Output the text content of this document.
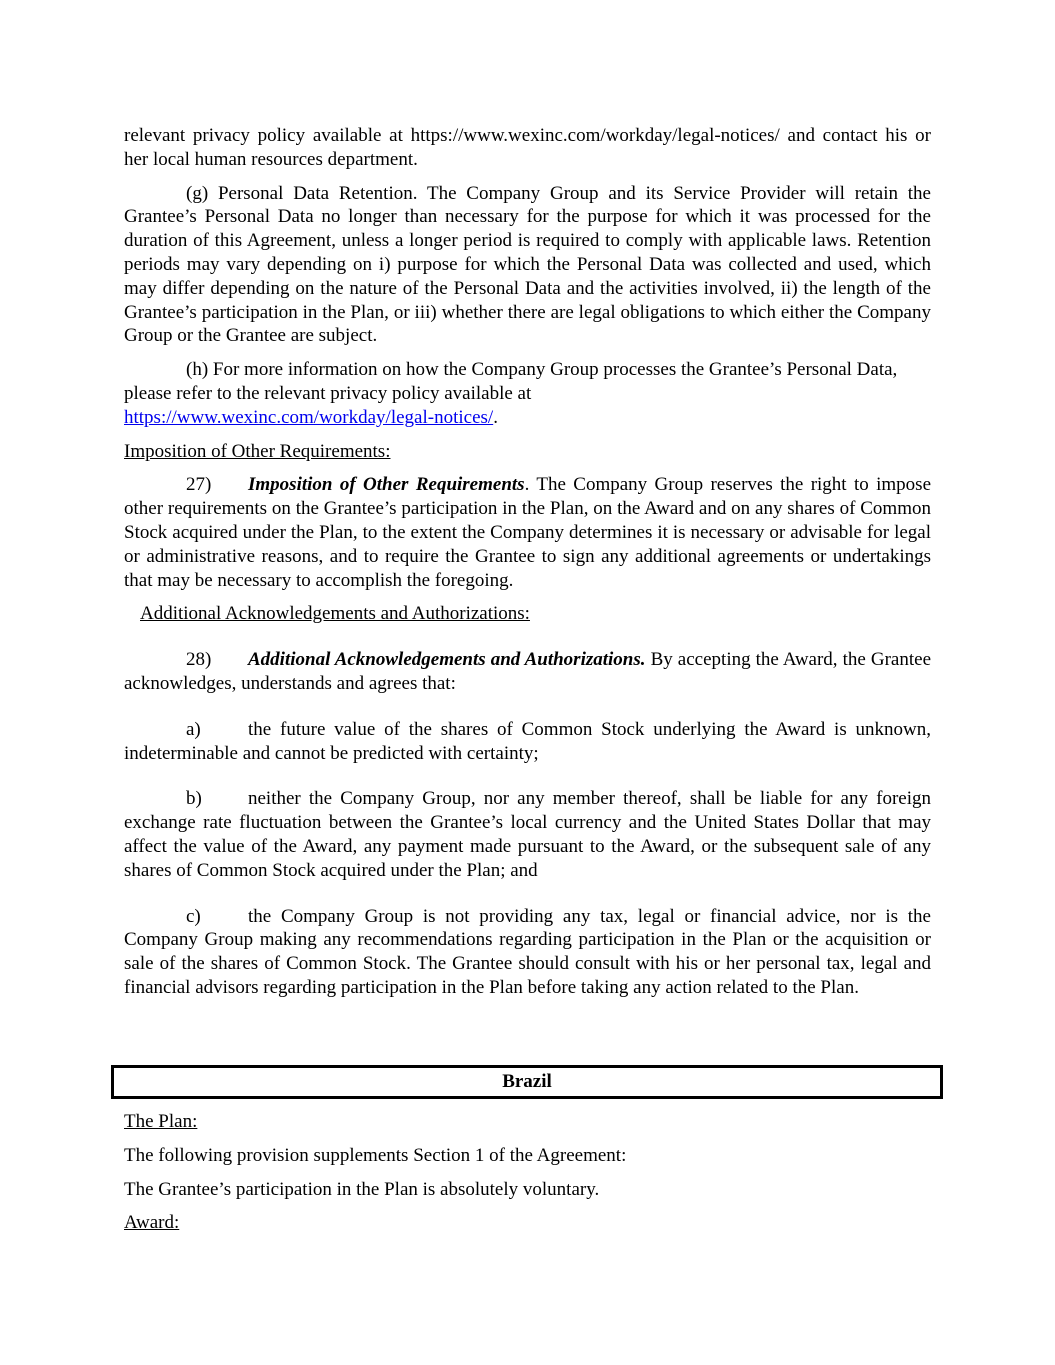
relevant privacy policy available at https://www.wexinc.com/workday/legal-notices/ and contact his or her local human resources department.

(g) Personal Data Retention. The Company Group and its Service Provider will retain the Grantee’s Personal Data no longer than necessary for the purpose for which it was processed for the duration of this Agreement, unless a longer period is required to comply with applicable laws. Retention periods may vary depending on i) purpose for which the Personal Data was collected and used, which may differ depending on the nature of the Personal Data and the activities involved, ii) the length of the Grantee’s participation in the Plan, or iii) whether there are legal obligations to which either the Company Group or the Grantee are subject.

(h) For more information on how the Company Group processes the Grantee’s Personal Data, please refer to the relevant privacy policy available at
https://www.wexinc.com/workday/legal-notices/.

Imposition of Other Requirements:

27) Imposition of Other Requirements. The Company Group reserves the right to impose other requirements on the Grantee’s participation in the Plan, on the Award and on any shares of Common Stock acquired under the Plan, to the extent the Company determines it is necessary or advisable for legal or administrative reasons, and to require the Grantee to sign any additional agreements or undertakings that may be necessary to accomplish the foregoing.

Additional Acknowledgements and Authorizations:

28) Additional Acknowledgements and Authorizations. By accepting the Award, the Grantee acknowledges, understands and agrees that:

a) the future value of the shares of Common Stock underlying the Award is unknown, indeterminable and cannot be predicted with certainty;

b) neither the Company Group, nor any member thereof, shall be liable for any foreign exchange rate fluctuation between the Grantee’s local currency and the United States Dollar that may affect the value of the Award, any payment made pursuant to the Award, or the subsequent sale of any shares of Common Stock acquired under the Plan; and

c) the Company Group is not providing any tax, legal or financial advice, nor is the Company Group making any recommendations regarding participation in the Plan or the acquisition or sale of the shares of Common Stock. The Grantee should consult with his or her personal tax, legal and financial advisors regarding participation in the Plan before taking any action related to the Plan.

Brazil

The Plan:

The following provision supplements Section 1 of the Agreement:

The Grantee’s participation in the Plan is absolutely voluntary.

Award:
